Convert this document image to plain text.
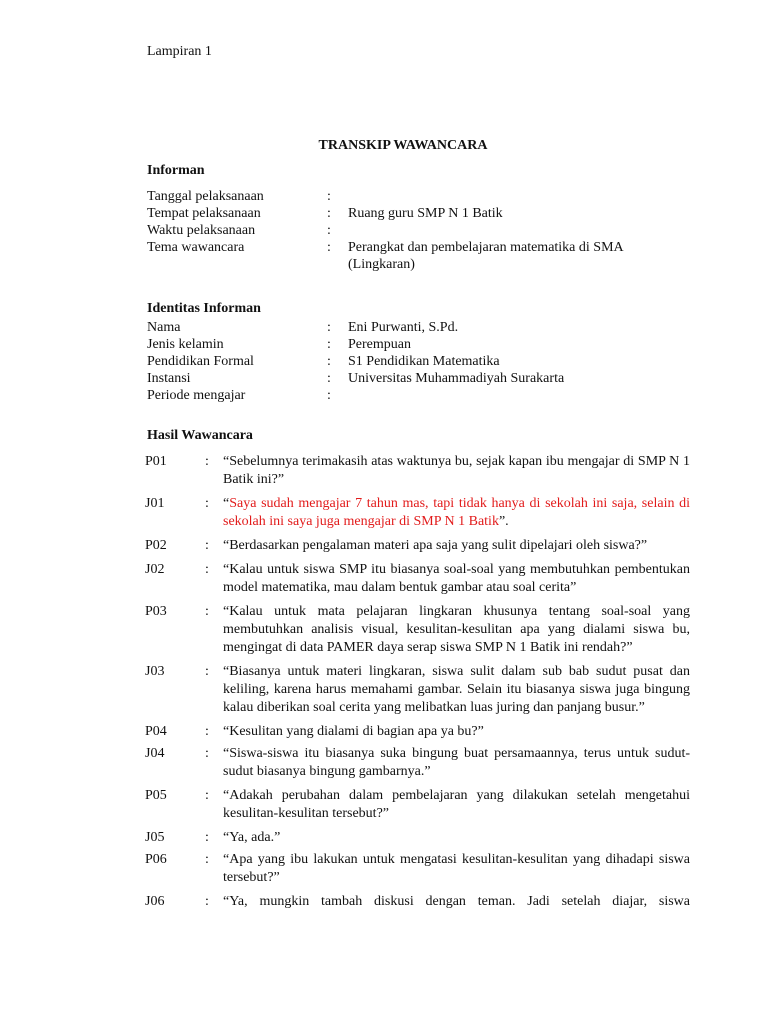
Lampiran 1
TRANSKIP WAWANCARA
Informan
Tanggal pelaksanaan	:
Tempat pelaksanaan	:	Ruang guru SMP N 1 Batik
Waktu pelaksanaan	:
Tema wawancara	:	Perangkat dan pembelajaran matematika di SMA (Lingkaran)
Identitas Informan
Nama	:	Eni Purwanti, S.Pd.
Jenis kelamin	:	Perempuan
Pendidikan Formal	:	S1 Pendidikan Matematika
Instansi	:	Universitas Muhammadiyah Surakarta
Periode mengajar	:
Hasil Wawancara
P01	:	“Sebelumnya terimakasih atas waktunya bu, sejak kapan ibu mengajar di SMP N 1 Batik ini?”
J01	:	“Saya sudah mengajar 7 tahun mas, tapi tidak hanya di sekolah ini saja, selain di sekolah ini saya juga mengajar di SMP N 1 Batik”.
P02	:	“Berdasarkan pengalaman materi apa saja yang sulit dipelajari oleh siswa?”
J02	:	“Kalau untuk siswa SMP itu biasanya soal-soal yang membutuhkan pembentukan model matematika, mau dalam bentuk gambar atau soal cerita”
P03	:	“Kalau untuk mata pelajaran lingkaran khusunya tentang soal-soal yang membutuhkan analisis visual, kesulitan-kesulitan apa yang dialami siswa bu, mengingat di data PAMER daya serap siswa SMP N 1 Batik ini rendah?”
J03	:	“Biasanya untuk materi lingkaran, siswa sulit dalam sub bab sudut pusat dan keliling, karena harus memahami gambar. Selain itu biasanya siswa juga bingung kalau diberikan soal cerita yang melibatkan luas juring dan panjang busur.”
P04	:	“Kesulitan yang dialami di bagian apa ya bu?”
J04	:	“Siswa-siswa itu biasanya suka bingung buat persamaannya, terus untuk sudut-sudut biasanya bingung gambarnya.”
P05	:	“Adakah perubahan dalam pembelajaran yang dilakukan setelah mengetahui kesulitan-kesulitan tersebut?”
J05	:	“Ya, ada.”
P06	:	“Apa yang ibu lakukan untuk mengatasi kesulitan-kesulitan yang dihadapi siswa tersebut?”
J06	:	“Ya, mungkin tambah diskusi dengan teman. Jadi setelah diajar, siswa
